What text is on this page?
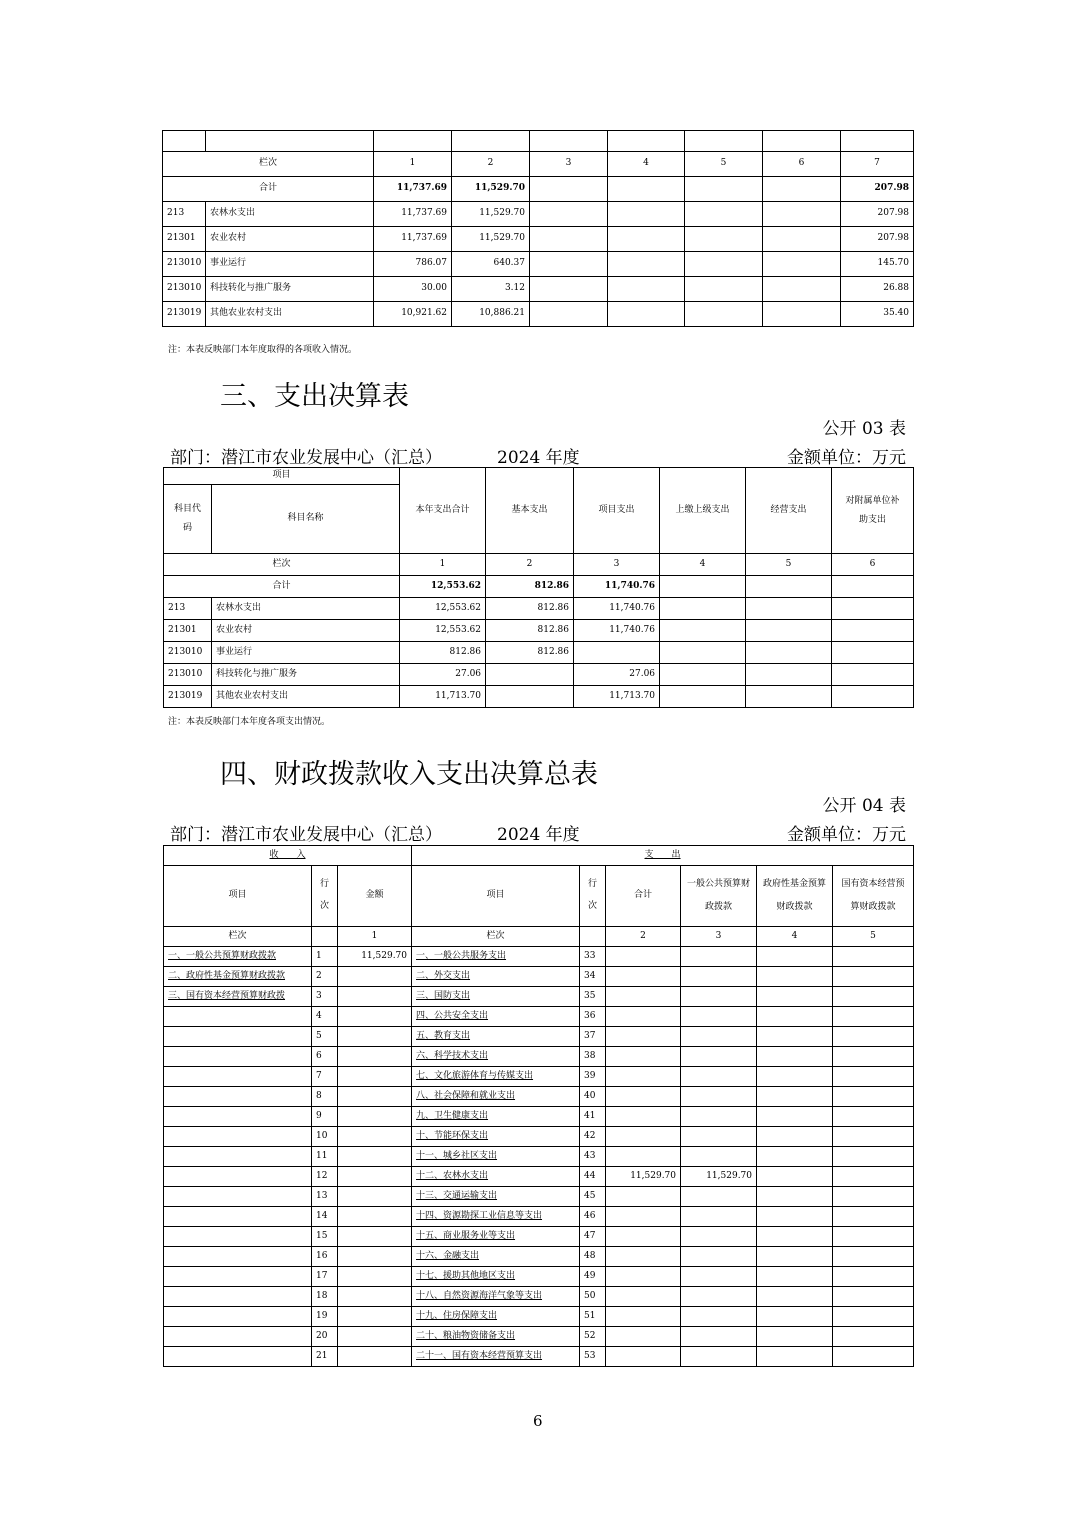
栏次		1	2	3	4	5	6	7
合计		11,737.69	11,529.70					207.98
213	农林水支出	11,737.69	11,529.70					207.98
21301	农业农村	11,737.69	11,529.70					207.98
213010	事业运行	786.07	640.37					145.70
213010	科技转化与推广服务	30.00	3.12					26.88
213019	其他农业农村支出	10,921.62	10,886.21					35.40
注：本表反映部门本年度取得的各项收入情况。
三、支出决算表
公开 03 表
部门：潜江市农业发展中心（汇总）	2024 年度	金额单位：万元
项目		本年支出合计	基本支出	项目支出	上缴上级支出	经营支出	对附属单位补助支出
科目代码	科目名称						
栏次		1	2	3	4	5	6
合计		12,553.62	812.86	11,740.76			
213	农林水支出	12,553.62	812.86	11,740.76			
21301	农业农村	12,553.62	812.86	11,740.76			
213010	事业运行	812.86	812.86				
213010	科技转化与推广服务	27.06		27.06			
213019	其他农业农村支出	11,713.70		11,713.70			
注：本表反映部门本年度各项支出情况。
四、财政拨款收入支出决算总表
公开 04 表
部门：潜江市农业发展中心（汇总）	2024 年度	金额单位：万元
收　　入			支　　出					
项目	行次	金额	项目	行次	合计	一般公共预算财政拨款	政府性基金预算财政拨款	国有资本经营预算财政拨款
栏次		1	栏次		2	3	4	5
一、一般公共预算财政拨款	1	11,529.70	一、一般公共服务支出	33				
二、政府性基金预算财政拨款	2		二、外交支出	34				
三、国有资本经营预算财政拨	3		三、国防支出	35				
	4		四、公共安全支出	36				
	5		五、教育支出	37				
	6		六、科学技术支出	38				
	7		七、文化旅游体育与传媒支出	39				
	8		八、社会保障和就业支出	40				
	9		九、卫生健康支出	41				
	10		十、节能环保支出	42				
	11		十一、城乡社区支出	43				
	12		十二、农林水支出	44	11,529.70	11,529.70		
	13		十三、交通运输支出	45				
	14		十四、资源勘探工业信息等支出	46				
	15		十五、商业服务业等支出	47				
	16		十六、金融支出	48				
	17		十七、援助其他地区支出	49				
	18		十八、自然资源海洋气象等支出	50				
	19		十九、住房保障支出	51				
	20		二十、粮油物资储备支出	52				
	21		二十一、国有资本经营预算支出	53				
6
